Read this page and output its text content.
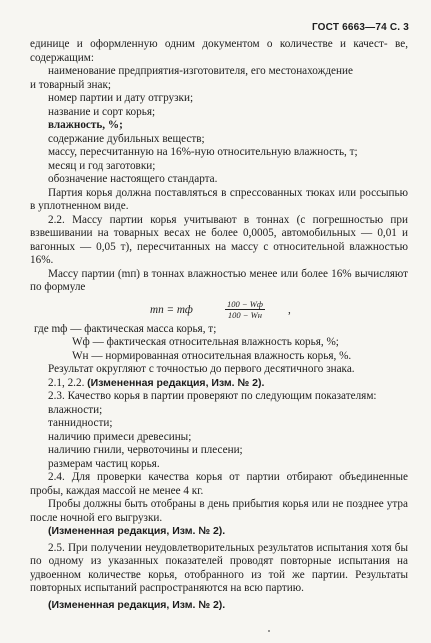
ГОСТ 6663—74 С. 3

единице и оформленную одним документом о количестве и качест- ве, содержащим:

наименование предприятия-изготовителя, его местонахождение

и товарный знак;

номер партии и дату отгрузки;

название и сорт корья;

влажность, %;

содержание дубильных веществ;

массу, пересчитанную на 16%-ную относительную влажность, т;

месяц и год заготовки;

обозначение настоящего стандарта.

Партия корья должна поставляться в спрессованных тюках или россыпью в уплотненном виде.

2.2. Массу партии корья учитывают в тоннах (с погрешностью при взвешивании на товарных весах не более 0,0005, автомобильных — 0,01 и вагонных — 0,05 т), пересчитанных на массу с относительной влажностью 16%.

Массу партии (mп) в тоннах влажностью менее или более 16% вычисляют по формуле

mп = mф	100 − Wф
100 − Wн ,

где mф — фактическая масса корья, т;

Wф — фактическая относительная влажность корья, %;

Wн — нормированная относительная влажность корья, %.

Результат округляют с точностью до первого десятичного знака.

2.1, 2.2. (Измененная редакция, Изм. № 2).

2.3. Качество корья в партии проверяют по следующим показателям:

влажности;

таннидности;

наличию примеси древесины;

наличию гнили, червоточины и плесени;

размерам частиц корья.

2.4. Для проверки качества корья от партии отбирают объединенные пробы, каждая массой не менее 4 кг.

Пробы должны быть отобраны в день прибытия корья или не позднее утра после ночной его выгрузки.

(Измененная редакция, Изм. № 2).

2.5. При получении неудовлетворительных результатов испытания хотя бы по одному из указанных показателей проводят повторные испытания на удвоенном количестве корья, отобранного из той же партии. Результаты повторных испытаний распространяются на всю партию.

(Измененная редакция, Изм. № 2).
